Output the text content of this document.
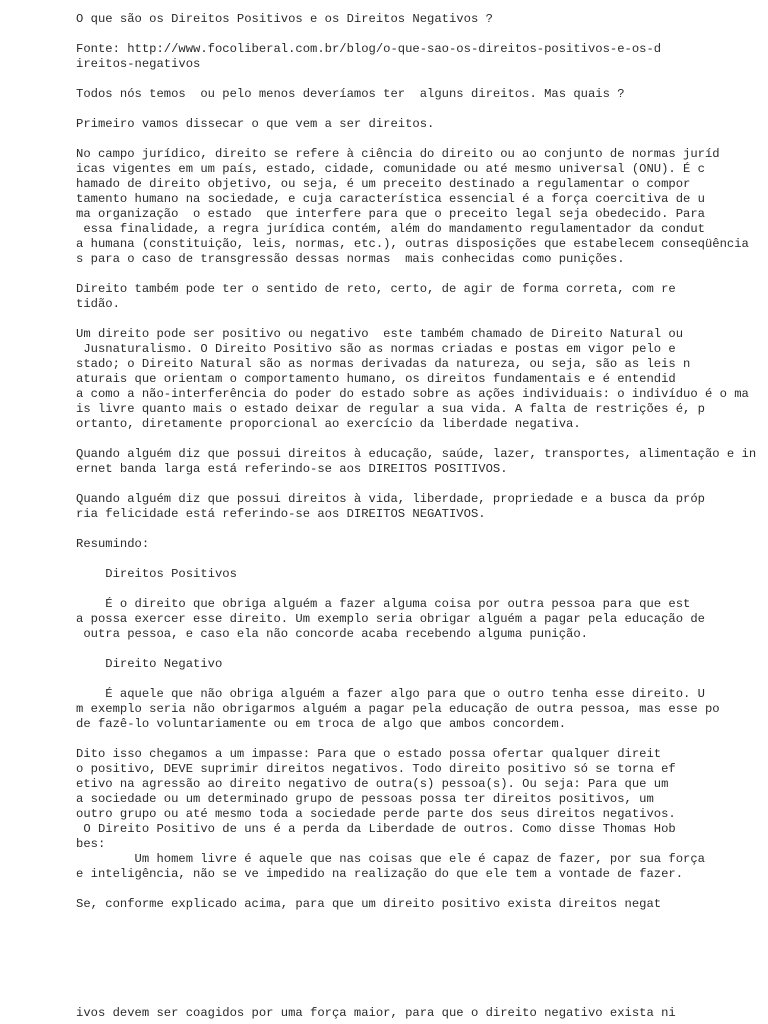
O que são os Direitos Positivos e os Direitos Negativos ?
Fonte: http://www.focoliberal.com.br/blog/o-que-sao-os-direitos-positivos-e-os-d
ireitos-negativos
Todos nós temos  ou pelo menos deveríamos ter  alguns direitos. Mas quais ?
Primeiro vamos dissecar o que vem a ser direitos.
No campo jurídico, direito se refere à ciência do direito ou ao conjunto de normas juríd
icas vigentes em um país, estado, cidade, comunidade ou até mesmo universal (ONU). É c
hamado de direito objetivo, ou seja, é um preceito destinado a regulamentar o compor
tamento humano na sociedade, e cuja característica essencial é a força coercitiva de u
ma organização  o estado  que interfere para que o preceito legal seja obedecido. Para
essa finalidade, a regra jurídica contém, além do mandamento regulamentador da condut
a humana (constituição, leis, normas, etc.), outras disposições que estabelecem conseqüência
s para o caso de transgressão dessas normas  mais conhecidas como punições.
Direito também pode ter o sentido de reto, certo, de agir de forma correta, com re
tidão.
Um direito pode ser positivo ou negativo  este também chamado de Direito Natural ou
Jusnaturalismo. O Direito Positivo são as normas criadas e postas em vigor pelo e
stado; o Direito Natural são as normas derivadas da natureza, ou seja, são as leis n
aturais que orientam o comportamento humano, os direitos fundamentais e é entendid
a como a não-interferência do poder do estado sobre as ações individuais: o indivíduo é o ma
is livre quanto mais o estado deixar de regular a sua vida. A falta de restrições é, p
ortanto, diretamente proporcional ao exercício da liberdade negativa.
Quando alguém diz que possui direitos à educação, saúde, lazer, transportes, alimentação e in
ernet banda larga está referindo-se aos DIREITOS POSITIVOS.
Quando alguém diz que possui direitos à vida, liberdade, propriedade e a busca da próp
ria felicidade está referindo-se aos DIREITOS NEGATIVOS.
Resumindo:
Direitos Positivos
É o direito que obriga alguém a fazer alguma coisa por outra pessoa para que est
a possa exercer esse direito. Um exemplo seria obrigar alguém a pagar pela educação de
outra pessoa, e caso ela não concorde acaba recebendo alguma punição.
Direito Negativo
É aquele que não obriga alguém a fazer algo para que o outro tenha esse direito. U
m exemplo seria não obrigarmos alguém a pagar pela educação de outra pessoa, mas esse po
de fazê-lo voluntariamente ou em troca de algo que ambos concordem.
Dito isso chegamos a um impasse: Para que o estado possa ofertar qualquer direit
o positivo, DEVE suprimir direitos negativos. Todo direito positivo só se torna ef
etivo na agressão ao direito negativo de outra(s) pessoa(s). Ou seja: Para que um
a sociedade ou um determinado grupo de pessoas possa ter direitos positivos, um
outro grupo ou até mesmo toda a sociedade perde parte dos seus direitos negativos.
O Direito Positivo de uns é a perda da Liberdade de outros. Como disse Thomas Hob
bes:
Um homem livre é aquele que nas coisas que ele é capaz de fazer, por sua força
e inteligência, não se ve impedido na realização do que ele tem a vontade de fazer.
Se, conforme explicado acima, para que um direito positivo exista direitos negat
ivos devem ser coagidos por uma força maior, para que o direito negativo exista ni
